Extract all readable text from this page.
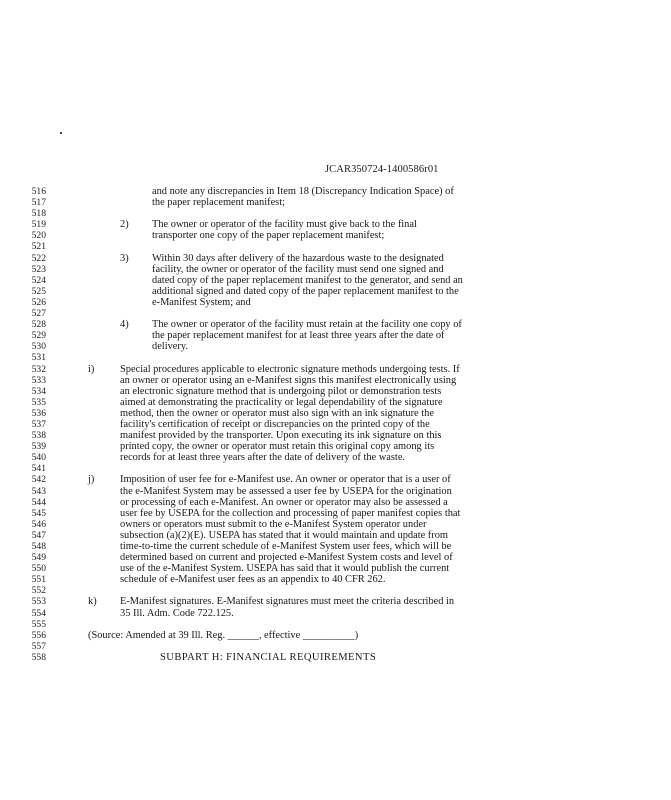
JCAR350724-1400586r01
516	and note any discrepancies in Item 18 (Discrepancy Indication Space) of
517	the paper replacement manifest;
518
519	2) The owner or operator of the facility must give back to the final
520	transporter one copy of the paper replacement manifest;
521
522	3) Within 30 days after delivery of the hazardous waste to the designated
523	facility, the owner or operator of the facility must send one signed and
524	dated copy of the paper replacement manifest to the generator, and send an
525	additional signed and dated copy of the paper replacement manifest to the
526	e-Manifest System; and
527
528	4) The owner or operator of the facility must retain at the facility one copy of
529	the paper replacement manifest for at least three years after the date of
530	delivery.
531
532	i) Special procedures applicable to electronic signature methods undergoing tests. If
533	an owner or operator using an e-Manifest signs this manifest electronically using
534	an electronic signature method that is undergoing pilot or demonstration tests
535	aimed at demonstrating the practicality or legal dependability of the signature
536	method, then the owner or operator must also sign with an ink signature the
537	facility's certification of receipt or discrepancies on the printed copy of the
538	manifest provided by the transporter. Upon executing its ink signature on this
539	printed copy, the owner or operator must retain this original copy among its
540	records for at least three years after the date of delivery of the waste.
541
542	j) Imposition of user fee for e-Manifest use. An owner or operator that is a user of
543	the e-Manifest System may be assessed a user fee by USEPA for the origination
544	or processing of each e-Manifest. An owner or operator may also be assessed a
545	user fee by USEPA for the collection and processing of paper manifest copies that
546	owners or operators must submit to the e-Manifest System operator under
547	subsection (a)(2)(E). USEPA has stated that it would maintain and update from
548	time-to-time the current schedule of e-Manifest System user fees, which will be
549	determined based on current and projected e-Manifest System costs and level of
550	use of the e-Manifest System. USEPA has said that it would publish the current
551	schedule of e-Manifest user fees as an appendix to 40 CFR 262.
552
553	k) E-Manifest signatures. E-Manifest signatures must meet the criteria described in
554	35 Ill. Adm. Code 722.125.
555
556	(Source: Amended at 39 Ill. Reg. ______, effective __________)
557
558	SUBPART H: FINANCIAL REQUIREMENTS
